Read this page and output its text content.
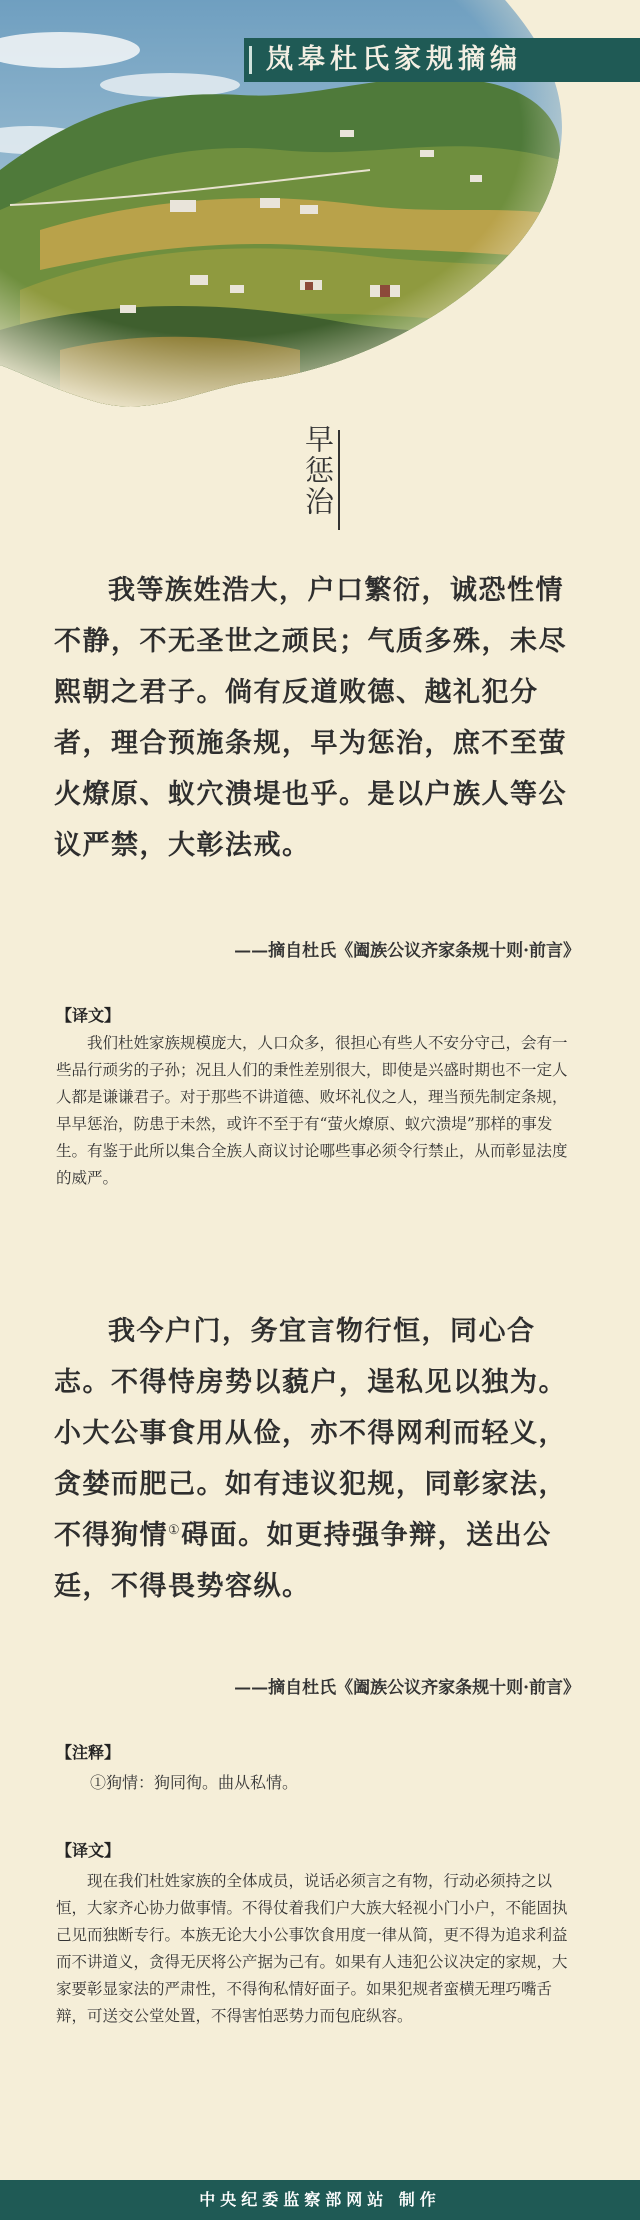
岚皋杜氏家规摘编
早惩治

我等族姓浩大，户口繁衍，诚恐性情不静，不无圣世之顽民；气质多殊，未尽熙朝之君子。倘有反道败德、越礼犯分者，理合预施条规，早为惩治，庶不至萤火燎原、蚁穴溃堤也乎。是以户族人等公议严禁，大彰法戒。

——摘自杜氏《阖族公议齐家条规十则·前言》
【译文】

我们杜姓家族规模庞大，人口众多，很担心有些人不安分守己，会有一些品行顽劣的子孙；况且人们的秉性差别很大，即使是兴盛时期也不一定人人都是谦谦君子。对于那些不讲道德、败坏礼仪之人，理当预先制定条规，早早惩治，防患于未然，或许不至于有“萤火燎原、蚁穴溃堤”那样的事发生。有鉴于此所以集合全族人商议讨论哪些事必须令行禁止，从而彰显法度的威严。

我今户门，务宜言物行恒，同心合志。不得恃房势以藐户，逞私见以独为。小大公事食用从俭，亦不得网利而轻义，贪婪而肥己。如有违议犯规，同彰家法，不得狥情①碍面。如更持强争辩，送出公廷，不得畏势容纵。

——摘自杜氏《阖族公议齐家条规十则·前言》
【注释】
①狥情：狥同徇。曲从私情。
【译文】

现在我们杜姓家族的全体成员，说话必须言之有物，行动必须持之以恒，大家齐心协力做事情。不得仗着我们户大族大轻视小门小户，不能固执己见而独断专行。本族无论大小公事饮食用度一律从简，更不得为追求利益而不讲道义，贪得无厌将公产据为己有。如果有人违犯公议决定的家规，大家要彰显家法的严肃性，不得徇私情好面子。如果犯规者蛮横无理巧嘴舌辩，可送交公堂处置，不得害怕恶势力而包庇纵容。

中央纪委监察部网站 制作
